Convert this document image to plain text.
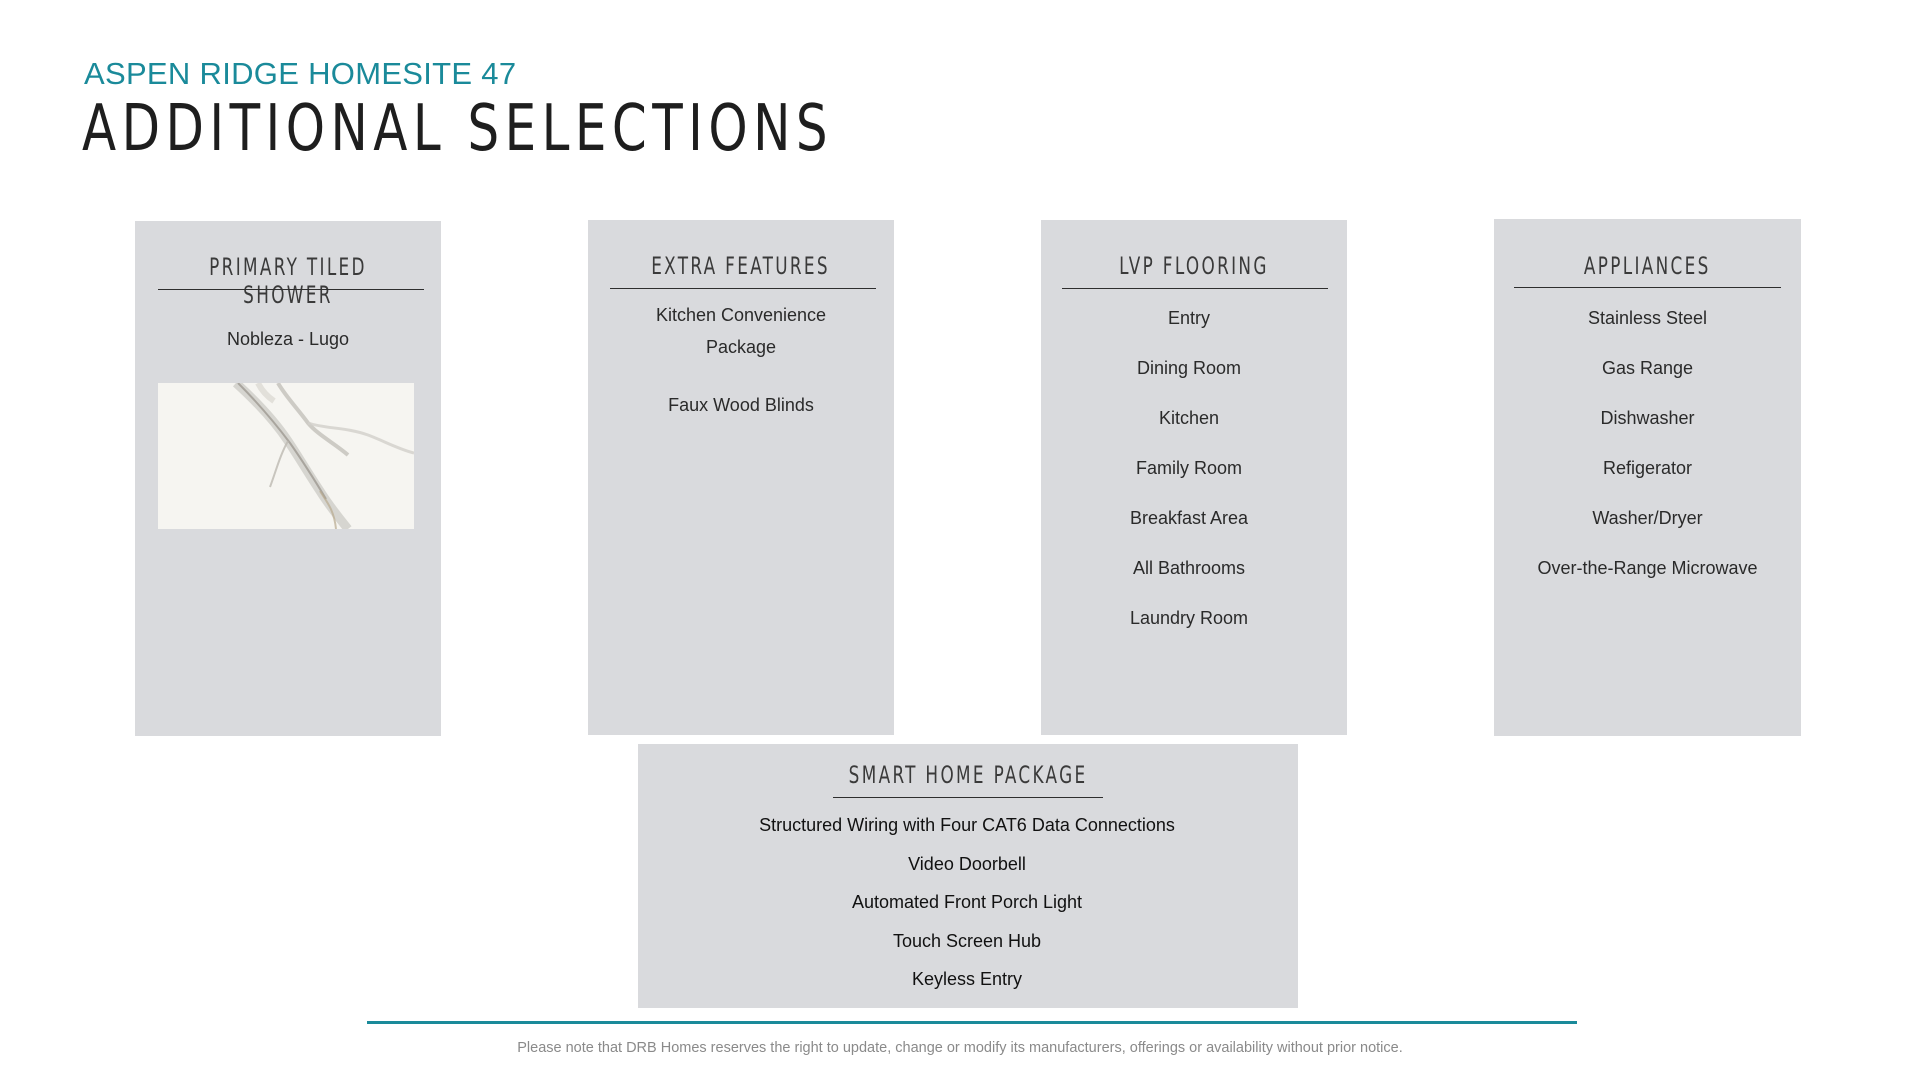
ASPEN RIDGE HOMESITE 47
ADDITIONAL SELECTIONS
PRIMARY TILED SHOWER
Nobleza - Lugo
EXTRA FEATURES
Kitchen Convenience
Package
Faux Wood Blinds
LVP FLOORING
Entry
Dining Room
Kitchen
Family Room
Breakfast Area
All Bathrooms
Laundry Room
APPLIANCES
Stainless Steel
Gas Range
Dishwasher
Refigerator
Washer/Dryer
Over-the-Range Microwave
SMART HOME PACKAGE
Structured Wiring with Four CAT6 Data Connections
Video Doorbell
Automated Front Porch Light
Touch Screen Hub
Keyless Entry
Please note that DRB Homes reserves the right to update, change or modify its manufacturers, offerings or availability without prior notice.
